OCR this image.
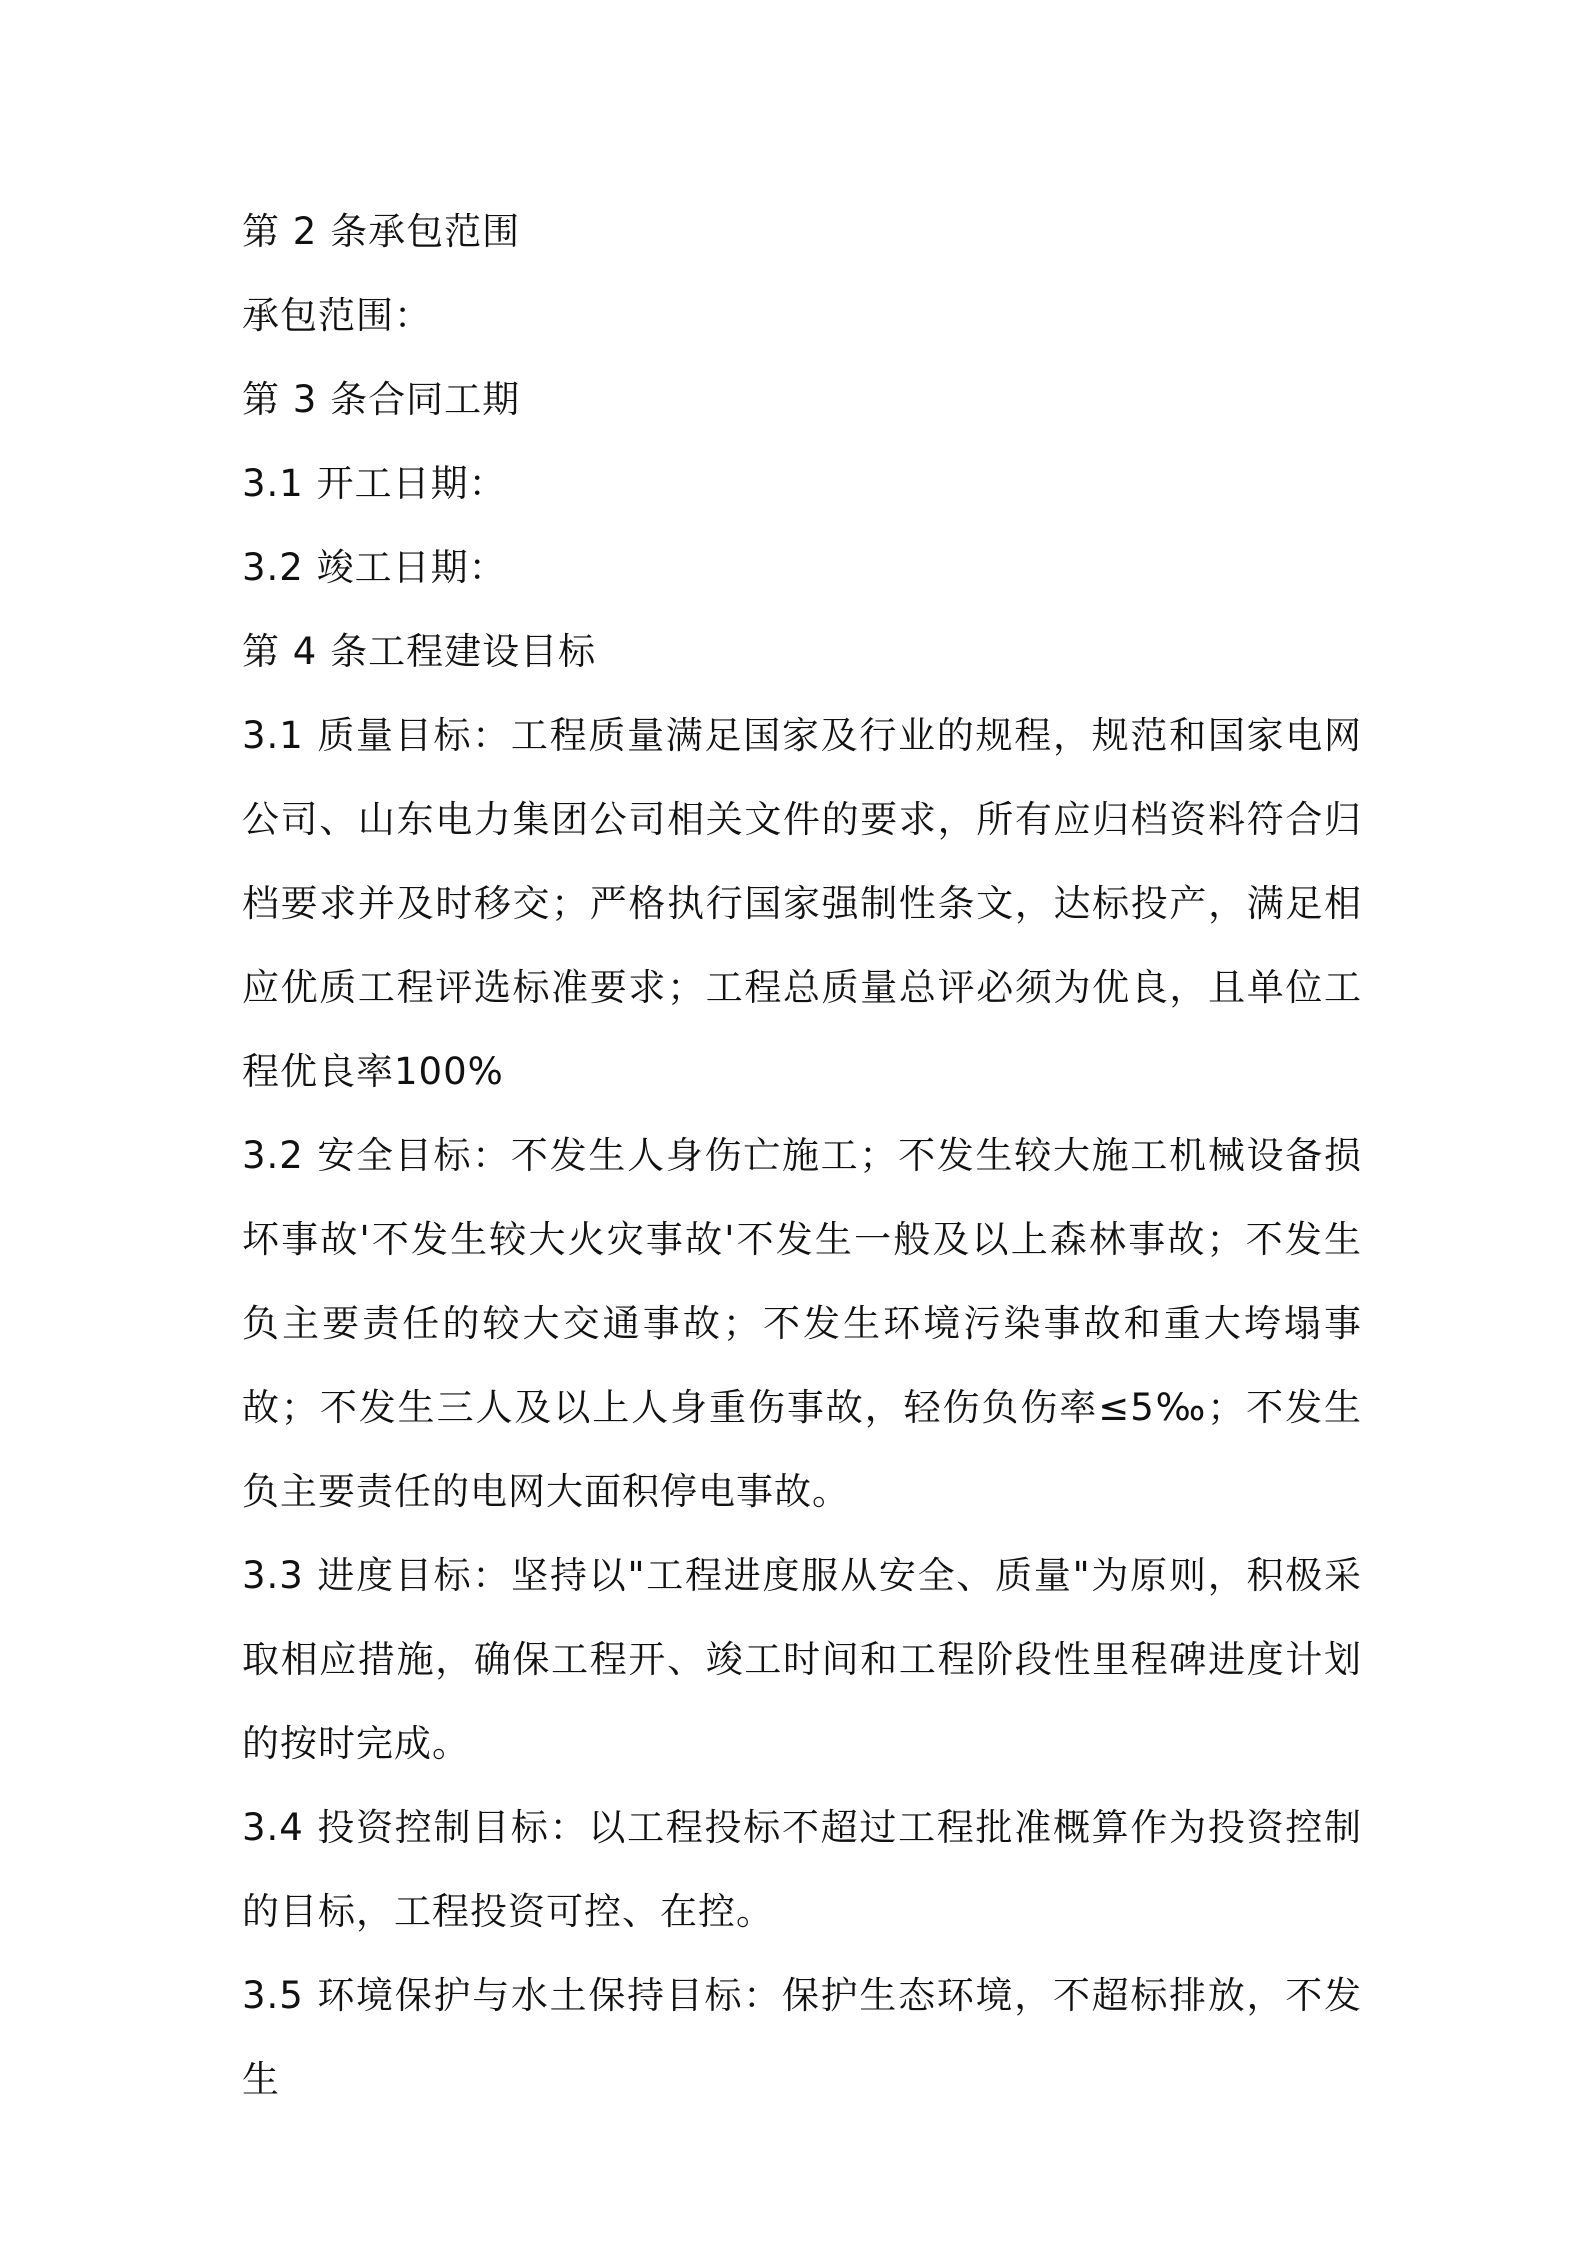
第 2 条承包范围

承包范围：

第 3 条合同工期

3.1 开工日期：

3.2 竣工日期：

第 4 条工程建设目标

3.1 质量目标：工程质量满足国家及行业的规程，规范和国家电网公司、山东电力集团公司相关文件的要求，所有应归档资料符合归档要求并及时移交；严格执行国家强制性条文，达标投产，满足相应优质工程评选标准要求；工程总质量总评必须为优良，且单位工程优良率100%

3.2 安全目标：不发生人身伤亡施工；不发生较大施工机械设备损坏事故'不发生较大火灾事故'不发生一般及以上森林事故；不发生负主要责任的较大交通事故；不发生环境污染事故和重大垮塌事故；不发生三人及以上人身重伤事故，轻伤负伤率≤5‰；不发生负主要责任的电网大面积停电事故。

3.3 进度目标：坚持以"工程进度服从安全、质量"为原则，积极采取相应措施，确保工程开、竣工时间和工程阶段性里程碑进度计划的按时完成。

3.4 投资控制目标：以工程投标不超过工程批准概算作为投资控制的目标，工程投资可控、在控。

3.5 环境保护与水土保持目标：保护生态环境，不超标排放，不发生
